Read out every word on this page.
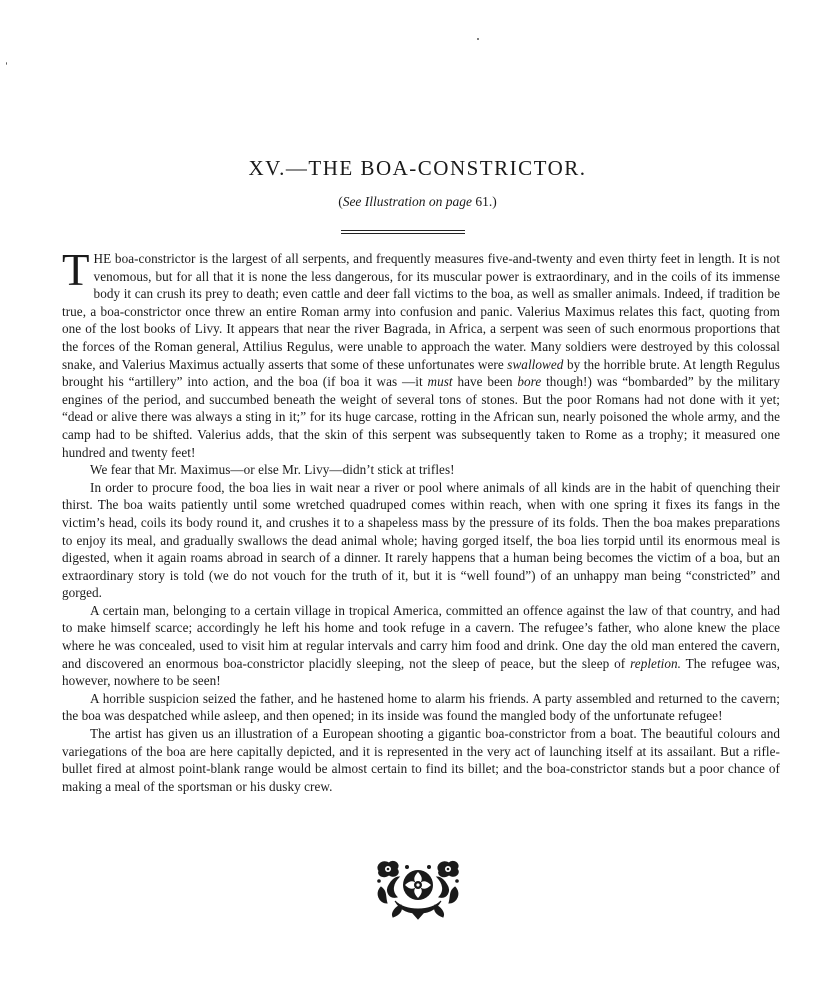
XV.—THE BOA-CONSTRICTOR.

(See Illustration on page 61.)

THE boa-constrictor is the largest of all serpents, and frequently measures five-and-twenty and even thirty feet in length. It is not venomous, but for all that it is none the less dangerous, for its muscular power is extraordinary, and in the coils of its immense body it can crush its prey to death; even cattle and deer fall victims to the boa, as well as smaller animals. Indeed, if tradition be true, a boa-constrictor once threw an entire Roman army into confusion and panic. Valerius Maximus relates this fact, quoting from one of the lost books of Livy. It appears that near the river Bagrada, in Africa, a serpent was seen of such enormous proportions that the forces of the Roman general, Attilius Regulus, were unable to approach the water. Many soldiers were destroyed by this colossal snake, and Valerius Maximus actually asserts that some of these unfortunates were swallowed by the horrible brute. At length Regulus brought his “artillery” into action, and the boa (if boa it was —it must have been bore though!) was “bombarded” by the military engines of the period, and succumbed beneath the weight of several tons of stones. But the poor Romans had not done with it yet; “dead or alive there was always a sting in it;” for its huge carcase, rotting in the African sun, nearly poisoned the whole army, and the camp had to be shifted. Valerius adds, that the skin of this serpent was subsequently taken to Rome as a trophy; it measured one hundred and twenty feet!

We fear that Mr. Maximus—or else Mr. Livy—didn’t stick at trifles!

In order to procure food, the boa lies in wait near a river or pool where animals of all kinds are in the habit of quenching their thirst. The boa waits patiently until some wretched quadruped comes within reach, when with one spring it fixes its fangs in the victim’s head, coils its body round it, and crushes it to a shapeless mass by the pressure of its folds. Then the boa makes preparations to enjoy its meal, and gradually swallows the dead animal whole; having gorged itself, the boa lies torpid until its enormous meal is digested, when it again roams abroad in search of a dinner. It rarely happens that a human being becomes the victim of a boa, but an extraordinary story is told (we do not vouch for the truth of it, but it is “well found”) of an unhappy man being “constricted” and gorged.

A certain man, belonging to a certain village in tropical America, committed an offence against the law of that country, and had to make himself scarce; accordingly he left his home and took refuge in a cavern. The refugee’s father, who alone knew the place where he was concealed, used to visit him at regular intervals and carry him food and drink. One day the old man entered the cavern, and discovered an enormous boa-constrictor placidly sleeping, not the sleep of peace, but the sleep of repletion. The refugee was, however, nowhere to be seen!

A horrible suspicion seized the father, and he hastened home to alarm his friends. A party assembled and returned to the cavern; the boa was despatched while asleep, and then opened; in its inside was found the mangled body of the unfortunate refugee!

The artist has given us an illustration of a European shooting a gigantic boa-constrictor from a boat. The beautiful colours and variegations of the boa are here capitally depicted, and it is represented in the very act of launching itself at its assailant. But a rifle-bullet fired at almost point-blank range would be almost certain to find its billet; and the boa-constrictor stands but a poor chance of making a meal of the sportsman or his dusky crew.
